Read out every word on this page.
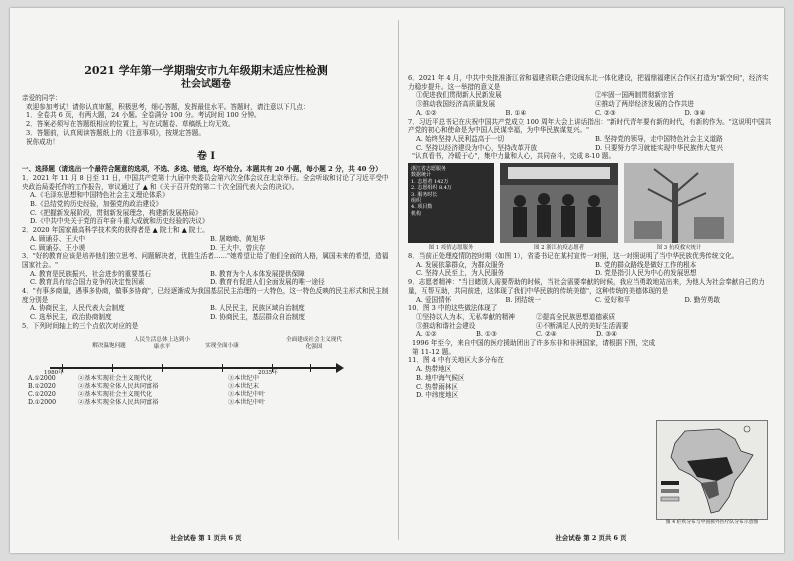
2021 学年第一学期瑞安市九年级期末适应性检测

社会试题卷

亲爱的同学：

欢迎参加考试！请你认真审题，积极思考，细心答题，发挥最佳水平。答题时，请注意以下几点：

1．全卷共 6 页，有两大题，24 小题。全卷满分 100 分。考试时间 100 分钟。

2．答案必须写在答题纸相应的位置上，写在试题卷、草稿纸上均无效。

3．答题前，认真阅读答题纸上的《注意事项》，按规定答题。

祝你成功！

卷 I

一、选择题（请选出一个最符合题意的选项，不选、多选、错选，均不给分。本题共有 20 小题，每小题 2 分，共 40 分）

1．2021 年 11 月 8 日至 11 日，中国共产党第十九届中央委员会第六次全体会议在北京举行。全会听取和讨论了习近平受中央政治局委托作的工作报告，审议通过了 ▲ 和《关于召开党的第二十次全国代表大会的决议》。

A.《毛泽东思想和中国特色社会主义理论体系》

B.《总结党的历史经验，加强党的政治建设》

C.《把握新发展阶段，贯彻新发展理念，构建新发展格局》

D.《中共中央关于党的百年奋斗重大成就和历史经验的决议》

2．2020 年国家最高科学技术奖的获得者是 ▲ 院士和 ▲ 院士。

A. 顾诵芬、王大中	B. 屠呦呦、黄旭华
C. 顾诵芬、王小谟	D. 王大中、曾庆存

3．"好的教育应该是培养他们独立思考、问题解决者，优胜生活者……"她希望让给了他们全面的人格，属国未来的希望，造福国家社会。"

A. 教育是民族振兴、社会进步的重要基石	B. 教育为个人本体发展提供保障
C. 教育具有综合国力竞争的决定性因素	D. 教育有促进人们全面发展的唯一途径

4．"有事多商量，遇事多协商，做事多协商"，已经逐渐成为我国基层民主治理的一大特色，这一特色反映的民主形式和民主制度分别是

A. 协商民主，人民代表大会制度	B. 人民民主，民族区域自治制度
C. 选举民主，政治协商制度	D. 协商民主，基层群众自治制度

5．下列时间轴上的三个点依次对应的是

1980年
解决温饱问题
人民生活总体上达到小康水平	实现全面小康
2035年
全面建成社会主义现代化强国
A.①2000	②基本实现社会主义现代化	③本世纪中
B.①2020	②基本实现全体人民共同富裕	③本世纪末
C.①2020	②基本实现社会主义现代化	③本世纪中叶
D.①2000	②基本实现全体人民共同富裕	③本世纪中叶
社会试卷 第 1 页共 6 页

6．2021 年 4 月，中共中央批准浙江省和福建省联合建设闽东北一体化建设，把福鼎福建区合作区打造为"新空间"，经济实力稳步提升。这一举措的意义是

①促进我们贯彻新人民新发展	②牢固一国两制贯彻新宗旨
③推动我国经济高质量发展	④推动了两岸经济发展的合作共进
A. ①②	B. ①④	C. ②③	D. ③④

7．习近平总书记在庆祝中国共产党成立 100 周年大会上讲话指出："新时代青年要有新的时代，有新的作为。"这说明中国共产党的初心和使命是为中国人民谋幸福，为中华民族谋复兴。"

A. 始终坚持人民利益高于一切	B. 坚持党的领导，走中国特色社会主义道路
C. 坚持以经济建设为中心，坚持改革开放	D. 只要努力学习就能实现中华民族伟大复兴

"认真看书，冷暖于心"，集中力量和人心，共同奋斗，完成 8-10 题。

浙江省志愿服务
数据统计
1. 志愿者 142万
2. 志愿组织 8.4万
3. 服务时长
组织
4. 项目数
机构
图 1 疫情志愿服务	图 2 浙江抗疫志愿者	图 3 抗疫救灾统计

8．当前正处理疫情防控时期（如图 1），省委书记在某村宣传一对照，这一对照说明了当中华民族优秀传统文化。

A. 发展依靠群众，为群众服务	B. 党的群众路线是做好工作的根本
C. 坚持人民至上，为人民服务	D. 党是指引人民为中心的发展思想

9．志愿者精神："当目睹别人需要帮助的时候，当社会需要奉献的时候，我应当勇敢地站出来，为他人为社会奉献自己的力量，互帮互助，共同前进，这体现了我们中华民族的传统美德"，这种传统的美德体现的是

A. 爱国情怀	B. 团结统一	C. 爱好和平	D. 勤劳勇敢

10．图 3 中的这些做法体现了

①坚持以人为本，无私奉献的精神	②提高全民族思想道德素质
③推动和谐社会建设	④不断满足人民的美好生活需要
A. ①②	B. ①③	C. ②④	D. ③④

1996 年至今，来自中国的医疗援助团出了许多东非和非洲国家，请根据下图，完成第 11-12 题。

11．图 4 中有关地区大多分布在

A. 热带地区

B. 地中海气候区

C. 热带雨林区

D. 中纬度地区

图 4 疟疾分布与中国援外医疗队分布示意图
社会试卷 第 2 页共 6 页
